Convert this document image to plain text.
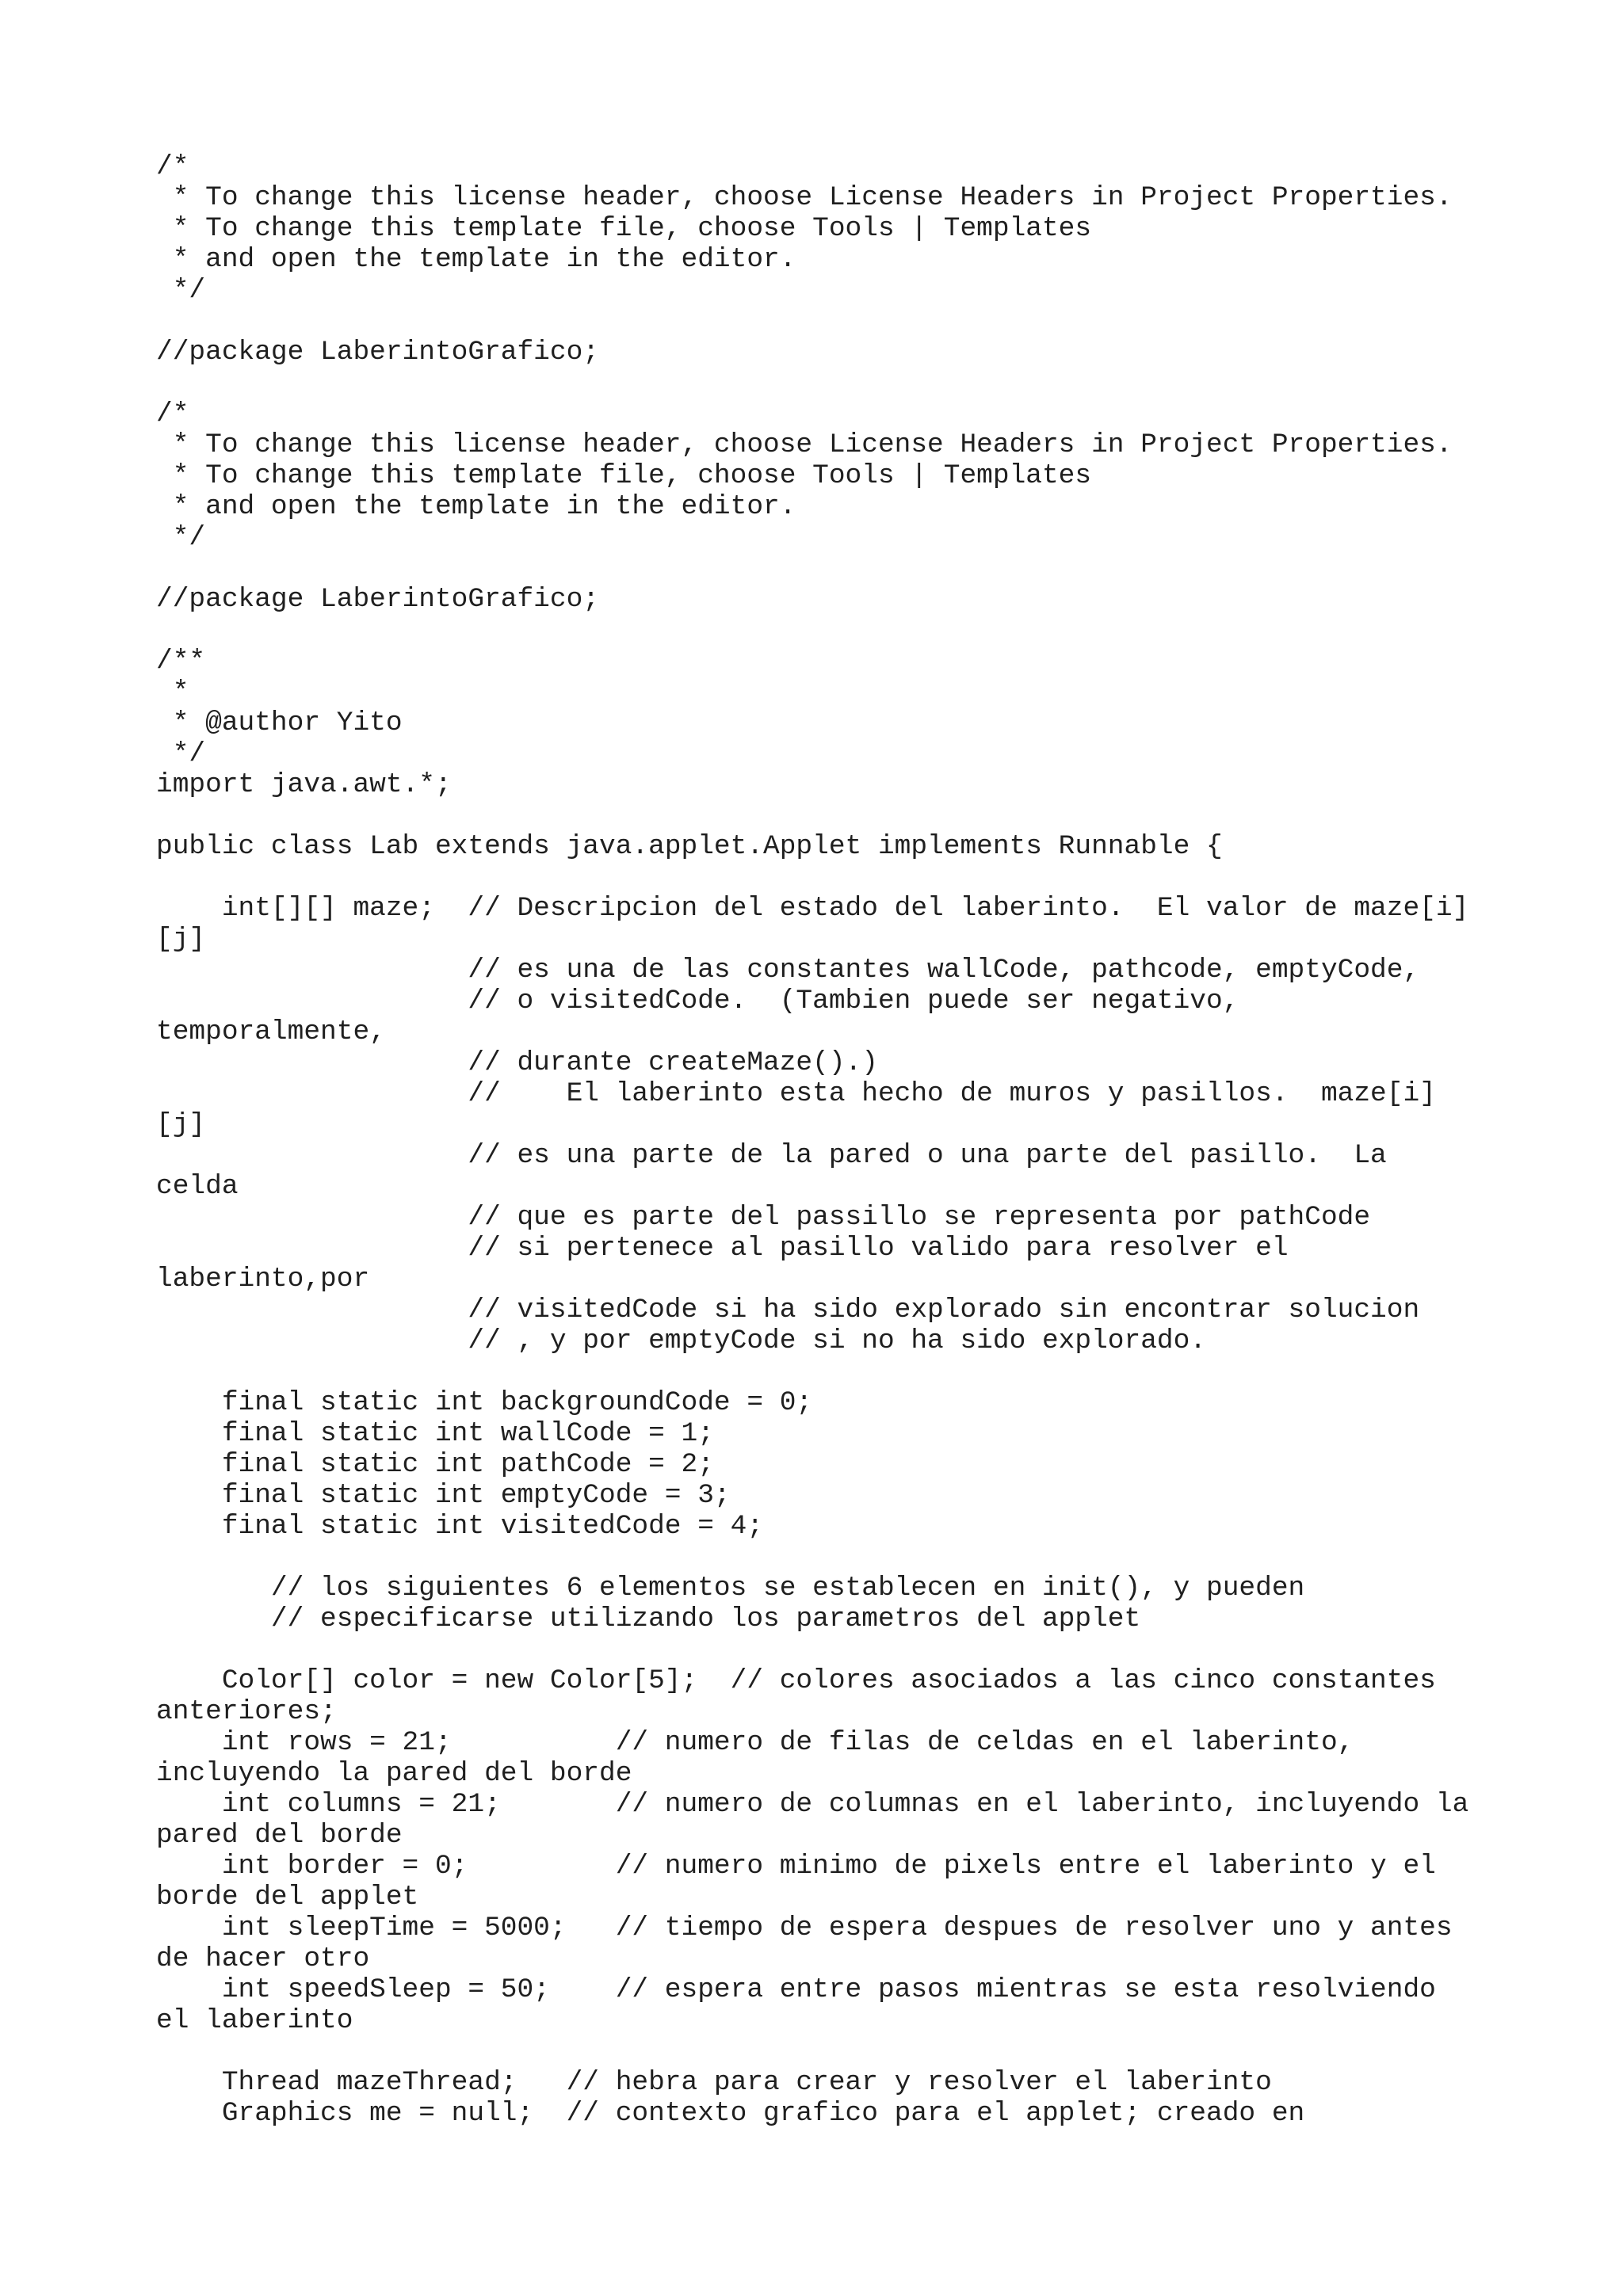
/*
* To change this license header, choose License Headers in Project Properties.
* To change this template file, choose Tools | Templates
* and open the template in the editor.
*/
//package LaberintoGrafico;
/*
* To change this license header, choose License Headers in Project Properties.
* To change this template file, choose Tools | Templates
* and open the template in the editor.
*/
//package LaberintoGrafico;
/**
*
* @author Yito
*/
import java.awt.*;
public class Lab extends java.applet.Applet implements Runnable {
int[][] maze;  // Descripcion del estado del laberinto.  El valor de maze[i]
[j]
// es una de las constantes wallCode, pathcode, emptyCode,
// o visitedCode.  (Tambien puede ser negativo,
temporalmente,
// durante createMaze().)
//    El laberinto esta hecho de muros y pasillos.  maze[i]
[j]
// es una parte de la pared o una parte del pasillo.  La
celda
// que es parte del passillo se representa por pathCode
// si pertenece al pasillo valido para resolver el
laberinto,por
// visitedCode si ha sido explorado sin encontrar solucion
// , y por emptyCode si no ha sido explorado.
final static int backgroundCode = 0;
final static int wallCode = 1;
final static int pathCode = 2;
final static int emptyCode = 3;
final static int visitedCode = 4;
// los siguientes 6 elementos se establecen en init(), y pueden
// especificarse utilizando los parametros del applet
Color[] color = new Color[5];  // colores asociados a las cinco constantes
anteriores;
int rows = 21;          // numero de filas de celdas en el laberinto,
incluyendo la pared del borde
int columns = 21;       // numero de columnas en el laberinto, incluyendo la
pared del borde
int border = 0;         // numero minimo de pixels entre el laberinto y el
borde del applet
int sleepTime = 5000;   // tiempo de espera despues de resolver uno y antes
de hacer otro
int speedSleep = 50;    // espera entre pasos mientras se esta resolviendo
el laberinto
Thread mazeThread;   // hebra para crear y resolver el laberinto
Graphics me = null;  // contexto grafico para el applet; creado en
